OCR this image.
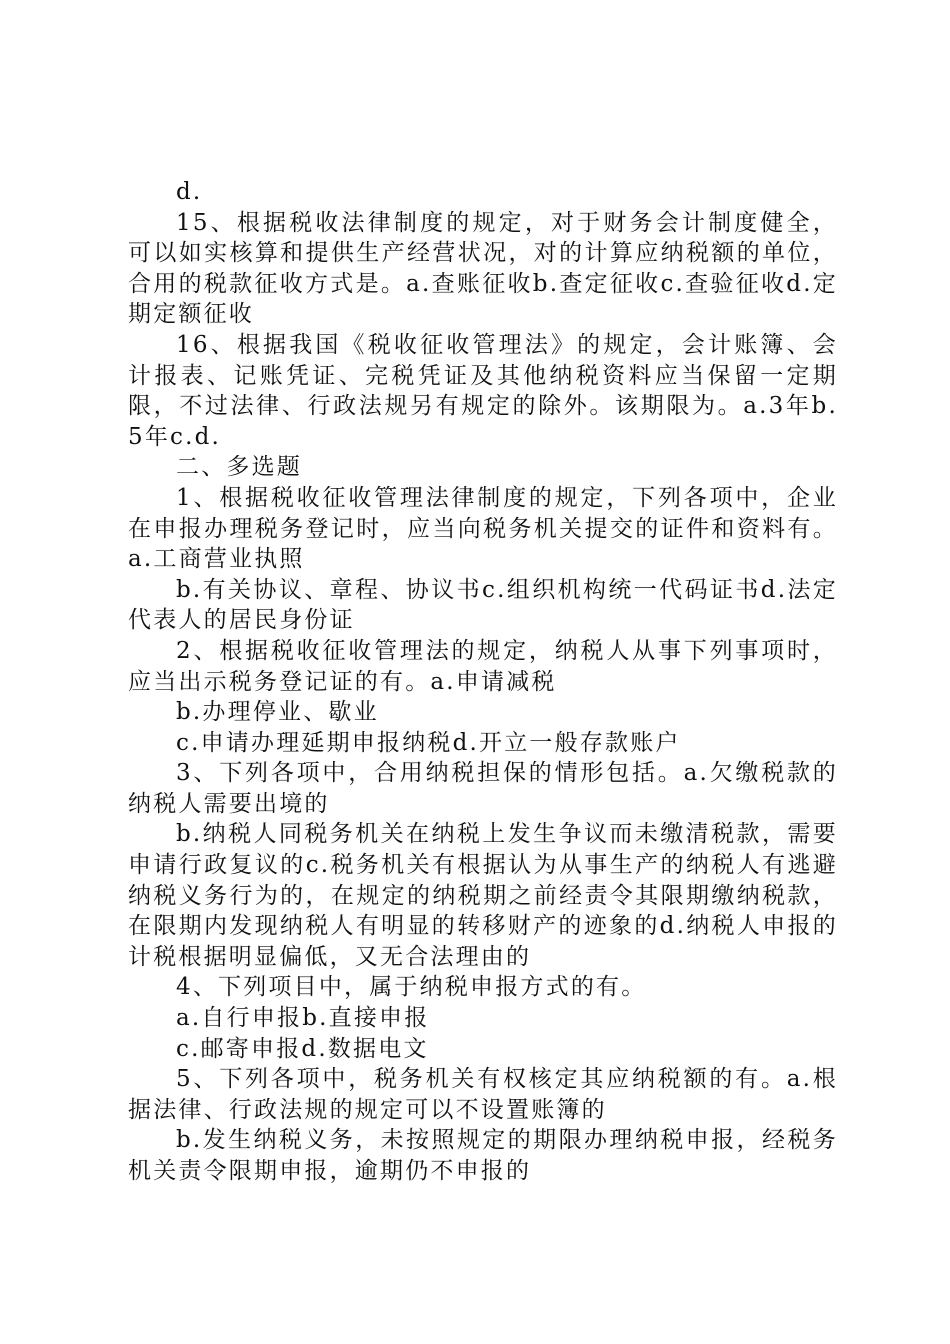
d.

15、根据税收法律制度的规定，对于财务会计制度健全，可以如实核算和提供生产经营状况，对的计算应纳税额的单位，合用的税款征收方式是。a.查账征收b.查定征收c.查验征收d.定期定额征收

16、根据我国《税收征收管理法》的规定，会计账簿、会计报表、记账凭证、完税凭证及其他纳税资料应当保留一定期限，不过法律、行政法规另有规定的除外。该期限为。a.3年b.5年c.d.

二、多选题

1、根据税收征收管理法律制度的规定，下列各项中，企业在申报办理税务登记时，应当向税务机关提交的证件和资料有。a.工商营业执照

b.有关协议、章程、协议书c.组织机构统一代码证书d.法定代表人的居民身份证

2、根据税收征收管理法的规定，纳税人从事下列事项时，应当出示税务登记证的有。a.申请减税

b.办理停业、歇业

c.申请办理延期申报纳税d.开立一般存款账户

3、下列各项中，合用纳税担保的情形包括。a.欠缴税款的纳税人需要出境的

b.纳税人同税务机关在纳税上发生争议而未缴清税款，需要申请行政复议的c.税务机关有根据认为从事生产的纳税人有逃避纳税义务行为的，在规定的纳税期之前经责令其限期缴纳税款，在限期内发现纳税人有明显的转移财产的迹象的d.纳税人申报的计税根据明显偏低，又无合法理由的

4、下列项目中，属于纳税申报方式的有。

a.自行申报b.直接申报

c.邮寄申报d.数据电文

5、下列各项中，税务机关有权核定其应纳税额的有。a.根据法律、行政法规的规定可以不设置账簿的

b.发生纳税义务，未按照规定的期限办理纳税申报，经税务机关责令限期申报，逾期仍不申报的
